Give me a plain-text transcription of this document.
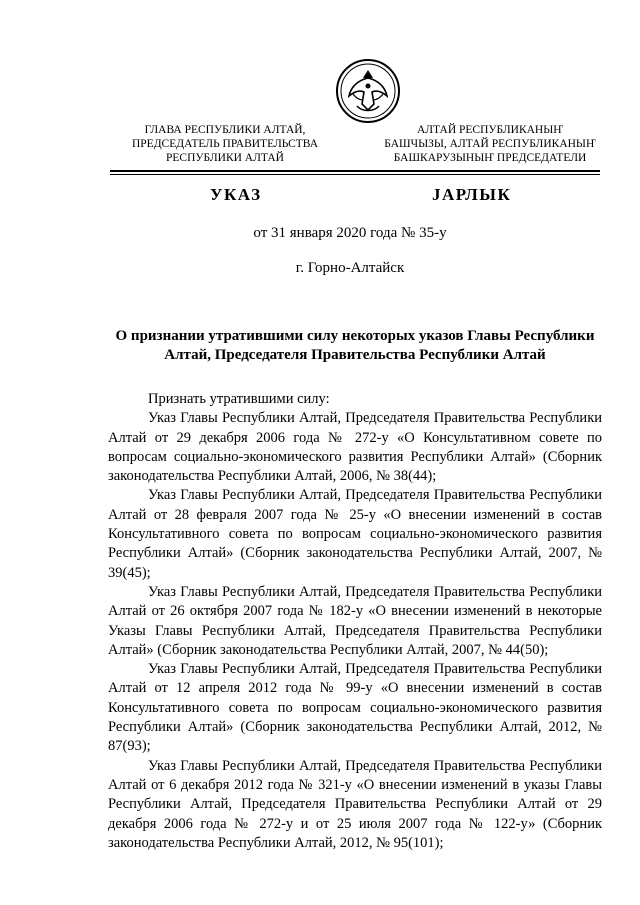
ГЛАВА РЕСПУБЛИКИ АЛТАЙ,
ПРЕДСЕДАТЕЛЬ ПРАВИТЕЛЬСТВА
РЕСПУБЛИКИ АЛТАЙ
АЛТАЙ РЕСПУБЛИКАНЫҤ
БАШЧЫЗЫ, АЛТАЙ РЕСПУБЛИКАНЫҤ
БАШКАРУЗЫНЫҤ ПРЕДСЕДАТЕЛИ
УКАЗ	ЈАРЛЫК
от 31 января 2020 года № 35-у
г. Горно-Алтайск
О признании утратившими силу некоторых указов Главы Республики Алтай, Председателя Правительства Республики Алтай

Признать утратившими силу:

Указ Главы Республики Алтай, Председателя Правительства Республики Алтай от 29 декабря 2006 года № 272-у «О Консультативном совете по вопросам социально-экономического развития Республики Алтай» (Сборник законодательства Республики Алтай, 2006, № 38(44);

Указ Главы Республики Алтай, Председателя Правительства Республики Алтай от 28 февраля 2007 года № 25-у «О внесении изменений в состав Консультативного совета по вопросам социально-экономического развития Республики Алтай» (Сборник законодательства Республики Алтай, 2007, № 39(45);

Указ Главы Республики Алтай, Председателя Правительства Республики Алтай от 26 октября 2007 года № 182-у «О внесении изменений в некоторые Указы Главы Республики Алтай, Председателя Правительства Республики Алтай» (Сборник законодательства Республики Алтай, 2007, № 44(50);

Указ Главы Республики Алтай, Председателя Правительства Республики Алтай от 12 апреля 2012 года № 99-у «О внесении изменений в состав Консультативного совета по вопросам социально-экономического развития Республики Алтай» (Сборник законодательства Республики Алтай, 2012, № 87(93);

Указ Главы Республики Алтай, Председателя Правительства Республики Алтай от 6 декабря 2012 года № 321-у «О внесении изменений в указы Главы Республики Алтай, Председателя Правительства Республики Алтай от 29 декабря 2006 года № 272-у и от 25 июля 2007 года № 122-у» (Сборник законодательства Республики Алтай, 2012, № 95(101);
